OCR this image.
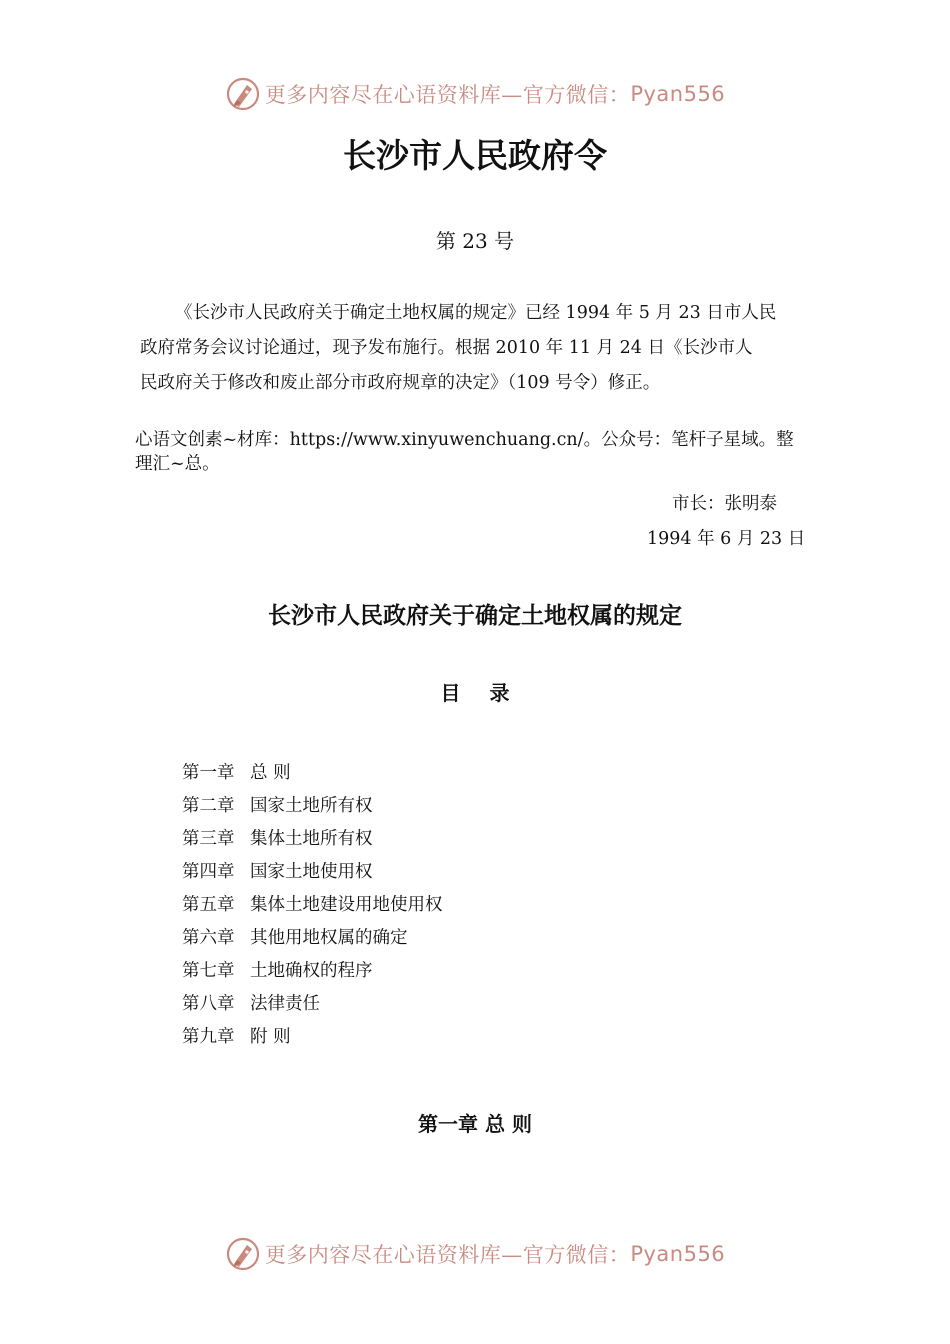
更多内容尽在心语资料库—官方微信： Pyan556
长沙市人民政府令
第 23 号

《长沙市人民政府关于确定土地权属的规定》已经 1994 年 5 月 23 日市人民

政府常务会议讨论通过，现予发布施行。根据 2010 年 11 月 24 日《长沙市人

民政府关于修改和废止部分市政府规章的决定》（109 号令）修正。

心语文创素~材库：https://www.xinyuwenchuang.cn/。公众号：笔杆子星域。整

理汇~总。

市长：张明泰
1994 年 6 月 23 日
长沙市人民政府关于确定土地权属的规定
目 录
第一章 总 则
第二章 国家土地所有权
第三章 集体土地所有权
第四章 国家土地使用权
第五章 集体土地建设用地使用权
第六章 其他用地权属的确定
第七章 土地确权的程序
第八章 法律责任
第九章 附 则
第一章 总 则
更多内容尽在心语资料库—官方微信： Pyan556
